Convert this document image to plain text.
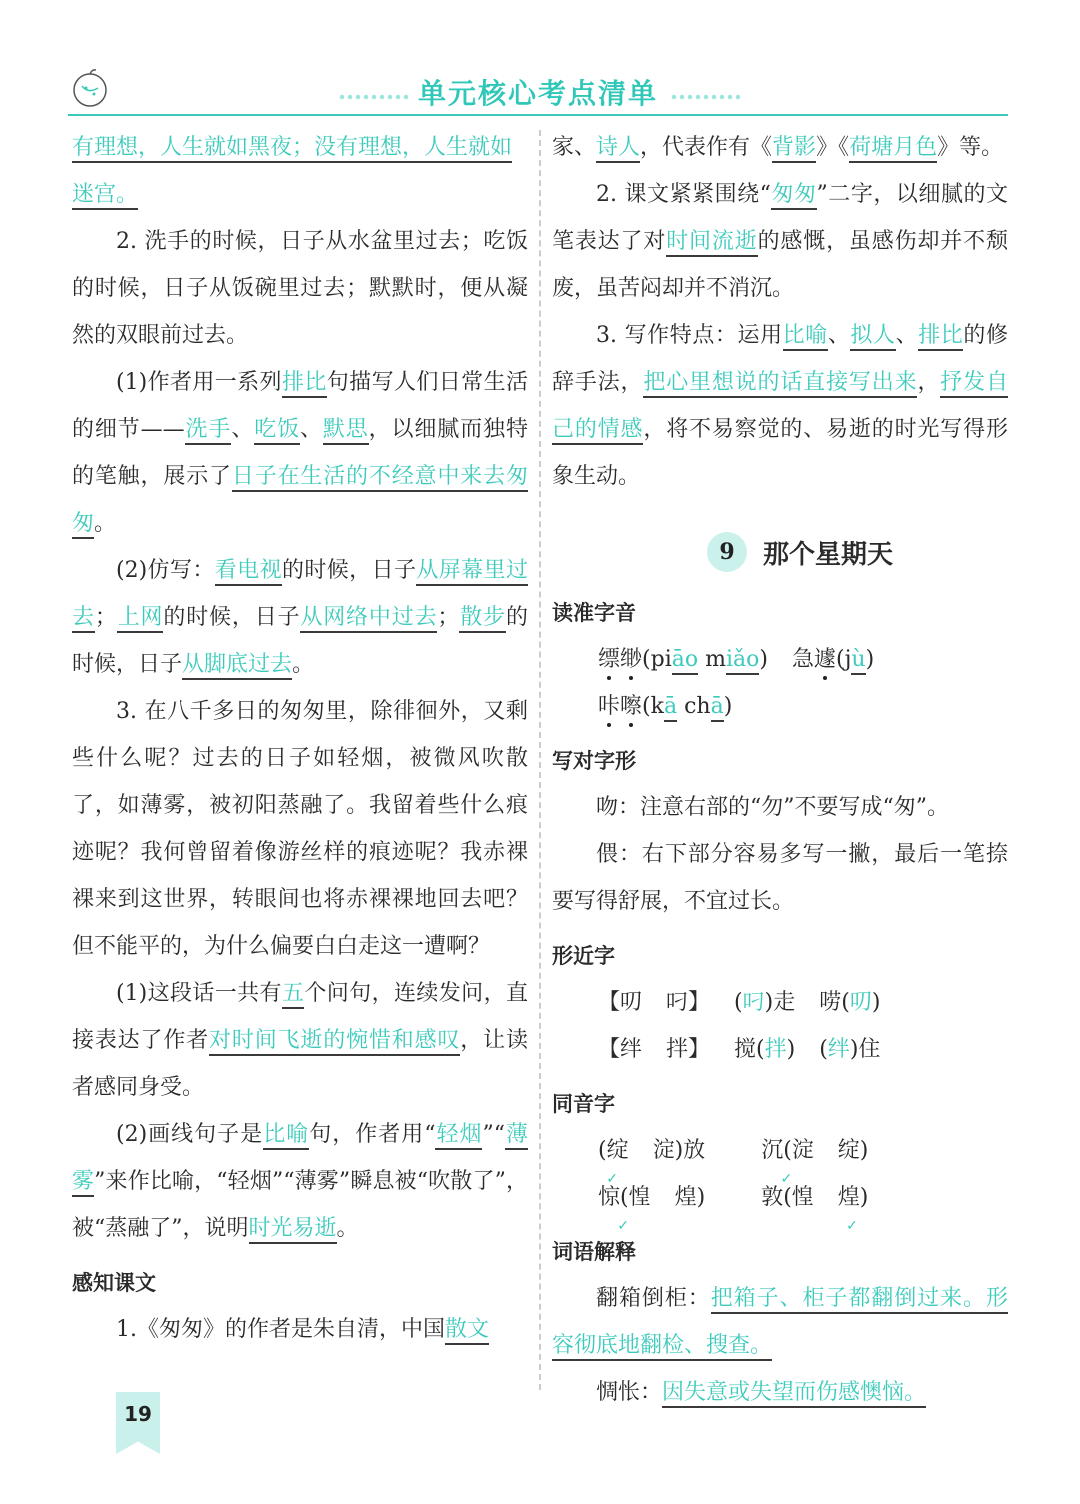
单元核心考点清单

有理想，人生就如黑夜；没有理想，人生就如
迷宫。

2. 洗手的时候，日子从水盆里过去；吃饭的时候，日子从饭碗里过去；默默时，便从凝然的双眼前过去。

(1)作者用一系列排比句描写人们日常生活的细节——洗手、吃饭、默思，以细腻而独特的笔触，展示了日子在生活的不经意中来去匆匆。

(2)仿写：看电视的时候，日子从屏幕里过去；上网的时候，日子从网络中过去；散步的时候，日子从脚底过去。

3. 在八千多日的匆匆里，除徘徊外，又剩些什么呢？过去的日子如轻烟，被微风吹散了，如薄雾，被初阳蒸融了。我留着些什么痕迹呢？我何曾留着像游丝样的痕迹呢？我赤裸裸来到这世界，转眼间也将赤裸裸地回去吧？但不能平的，为什么偏要白白走这一遭啊？

(1)这段话一共有五个问句，连续发问，直接表达了作者对时间飞逝的惋惜和感叹，让读者感同身受。

(2)画线句子是比喻句，作者用“轻烟”“薄雾”来作比喻，“轻烟”“薄雾”瞬息被“吹散了”，被“蒸融了”，说明时光易逝。

感知课文

1.《匆匆》的作者是朱自清，中国散文

家、诗人，代表作有《背影》《荷塘月色》等。

2. 课文紧紧围绕“匆匆”二字，以细腻的文笔表达了对时间流逝的感慨，虽感伤却并不颓废，虽苦闷却并不消沉。

3. 写作特点：运用比喻、拟人、排比的修辞手法，把心里想说的话直接写出来，抒发自己的情感，将不易察觉的、易逝的时光写得形象生动。

9	那个星期天
读准字音
缥缈(piāo miǎo) 急遽(jù)
咔嚓(kā chā)
写对字形

吻：注意右部的“勿”不要写成“匆”。

偎：右下部分容易多写一撇，最后一笔捺要写得舒展，不宜过长。

形近字
【叨 叼】 (叼)走 唠(叨)
【绊 拌】 搅(拌) (绊)住
同音字
(绽 ✓ 淀)放	沉(淀 ✓ 绽)
惊(惶 ✓ 煌)	敦(惶 煌) ✓
词语解释

翻箱倒柜：把箱子、柜子都翻倒过来。形容彻底地翻检、搜查。

惆怅：因失意或失望而伤感懊恼。

19
